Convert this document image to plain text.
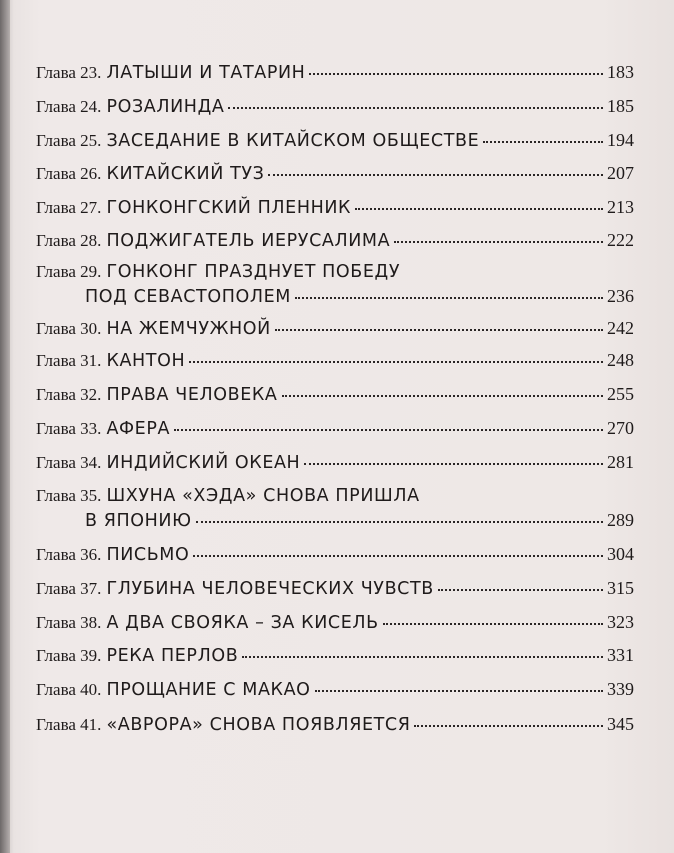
Глава 23. ЛАТЫШИ И ТАТАРИН	183
Глава 24. РОЗАЛИНДА	185
Глава 25. ЗАСЕДАНИЕ В КИТАЙСКОМ ОБЩЕСТВЕ	194
Глава 26. КИТАЙСКИЙ ТУЗ	207
Глава 27. ГОНКОНГСКИЙ ПЛЕННИК	213
Глава 28. ПОДЖИГАТЕЛЬ ИЕРУСАЛИМА	222
Глава 29. ГОНКОНГ ПРАЗДНУЕТ ПОБЕДУ
ПОД СЕВАСТОПОЛЕМ	236
Глава 30. НА ЖЕМЧУЖНОЙ	242
Глава 31. КАНТОН	248
Глава 32. ПРАВА ЧЕЛОВЕКА	255
Глава 33. АФЕРА	270
Глава 34. ИНДИЙСКИЙ ОКЕАН	281
Глава 35. ШХУНА «ХЭДА» СНОВА ПРИШЛА
В ЯПОНИЮ	289
Глава 36. ПИСЬМО	304
Глава 37. ГЛУБИНА ЧЕЛОВЕЧЕСКИХ ЧУВСТВ	315
Глава 38. А ДВА СВОЯКА – ЗА КИСЕЛЬ	323
Глава 39. РЕКА ПЕРЛОВ	331
Глава 40. ПРОЩАНИЕ С МАКАО	339
Глава 41. «АВРОРА» СНОВА ПОЯВЛЯЕТСЯ	345
